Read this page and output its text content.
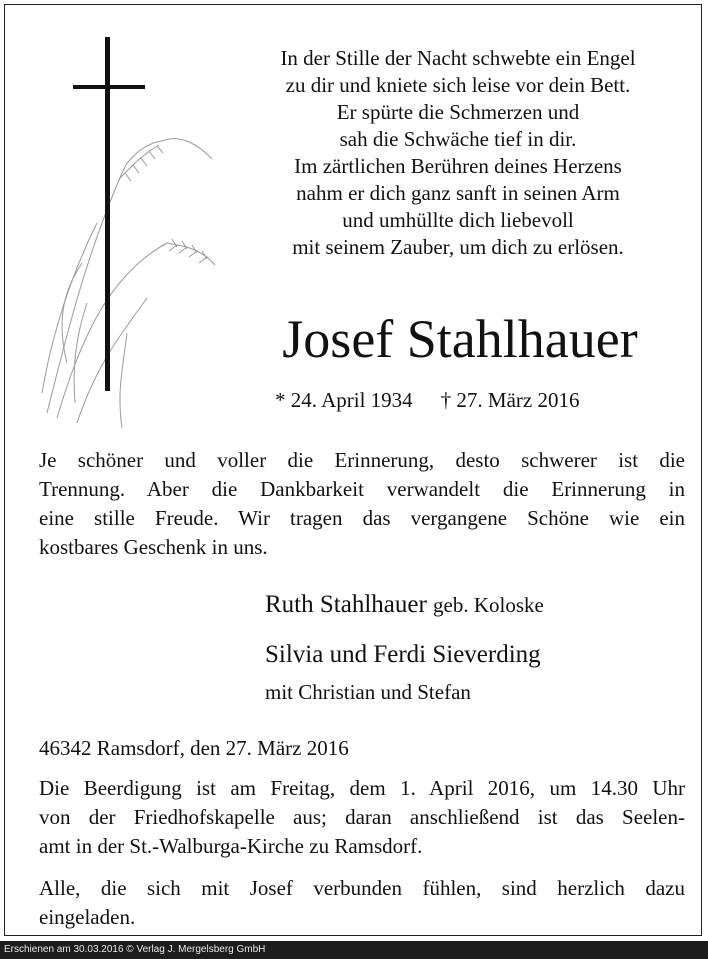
In der Stille der Nacht schwebte ein Engel
zu dir und kniete sich leise vor dein Bett.
Er spürte die Schmerzen und
sah die Schwäche tief in dir.
Im zärtlichen Berühren deines Herzens
nahm er dich ganz sanft in seinen Arm
und umhüllte dich liebevoll
mit seinem Zauber, um dich zu erlösen.
Josef Stahlhauer
* 24. April 1934 † 27. März 2016
Je schöner und voller die Erinnerung, desto schwerer ist die
Trennung. Aber die Dankbarkeit verwandelt die Erinnerung in
eine stille Freude. Wir tragen das vergangene Schöne wie ein
kostbares Geschenk in uns.
Ruth Stahlhauer geb. Koloske
Silvia und Ferdi Sieverding
mit Christian und Stefan
46342 Ramsdorf, den 27. März 2016
Die Beerdigung ist am Freitag, dem 1. April 2016, um 14.30 Uhr
von der Friedhofskapelle aus; daran anschließend ist das Seelen-
amt in der St.-Walburga-Kirche zu Ramsdorf.
Alle, die sich mit Josef verbunden fühlen, sind herzlich dazu
eingeladen.
Erschienen am 30.03.2016 © Verlag J. Mergelsberg GmbH
